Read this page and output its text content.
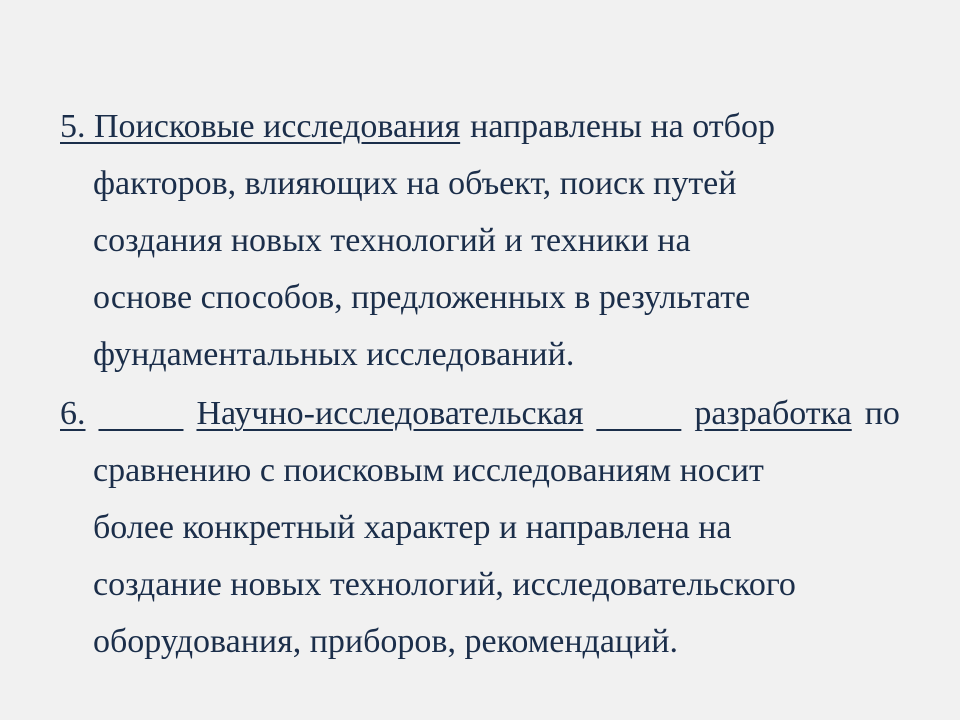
5. Поисковые исследования направлены на отбор
факторов, влияющих на объект, поиск путей
создания новых технологий и техники на
основе способов, предложенных в результате
фундаментальных исследований.
6.
	Научно-исследовательская
	разработка по
сравнению с поисковым исследованиям носит
более конкретный характер и направлена на
создание новых технологий, исследовательского
оборудования, приборов, рекомендаций.
